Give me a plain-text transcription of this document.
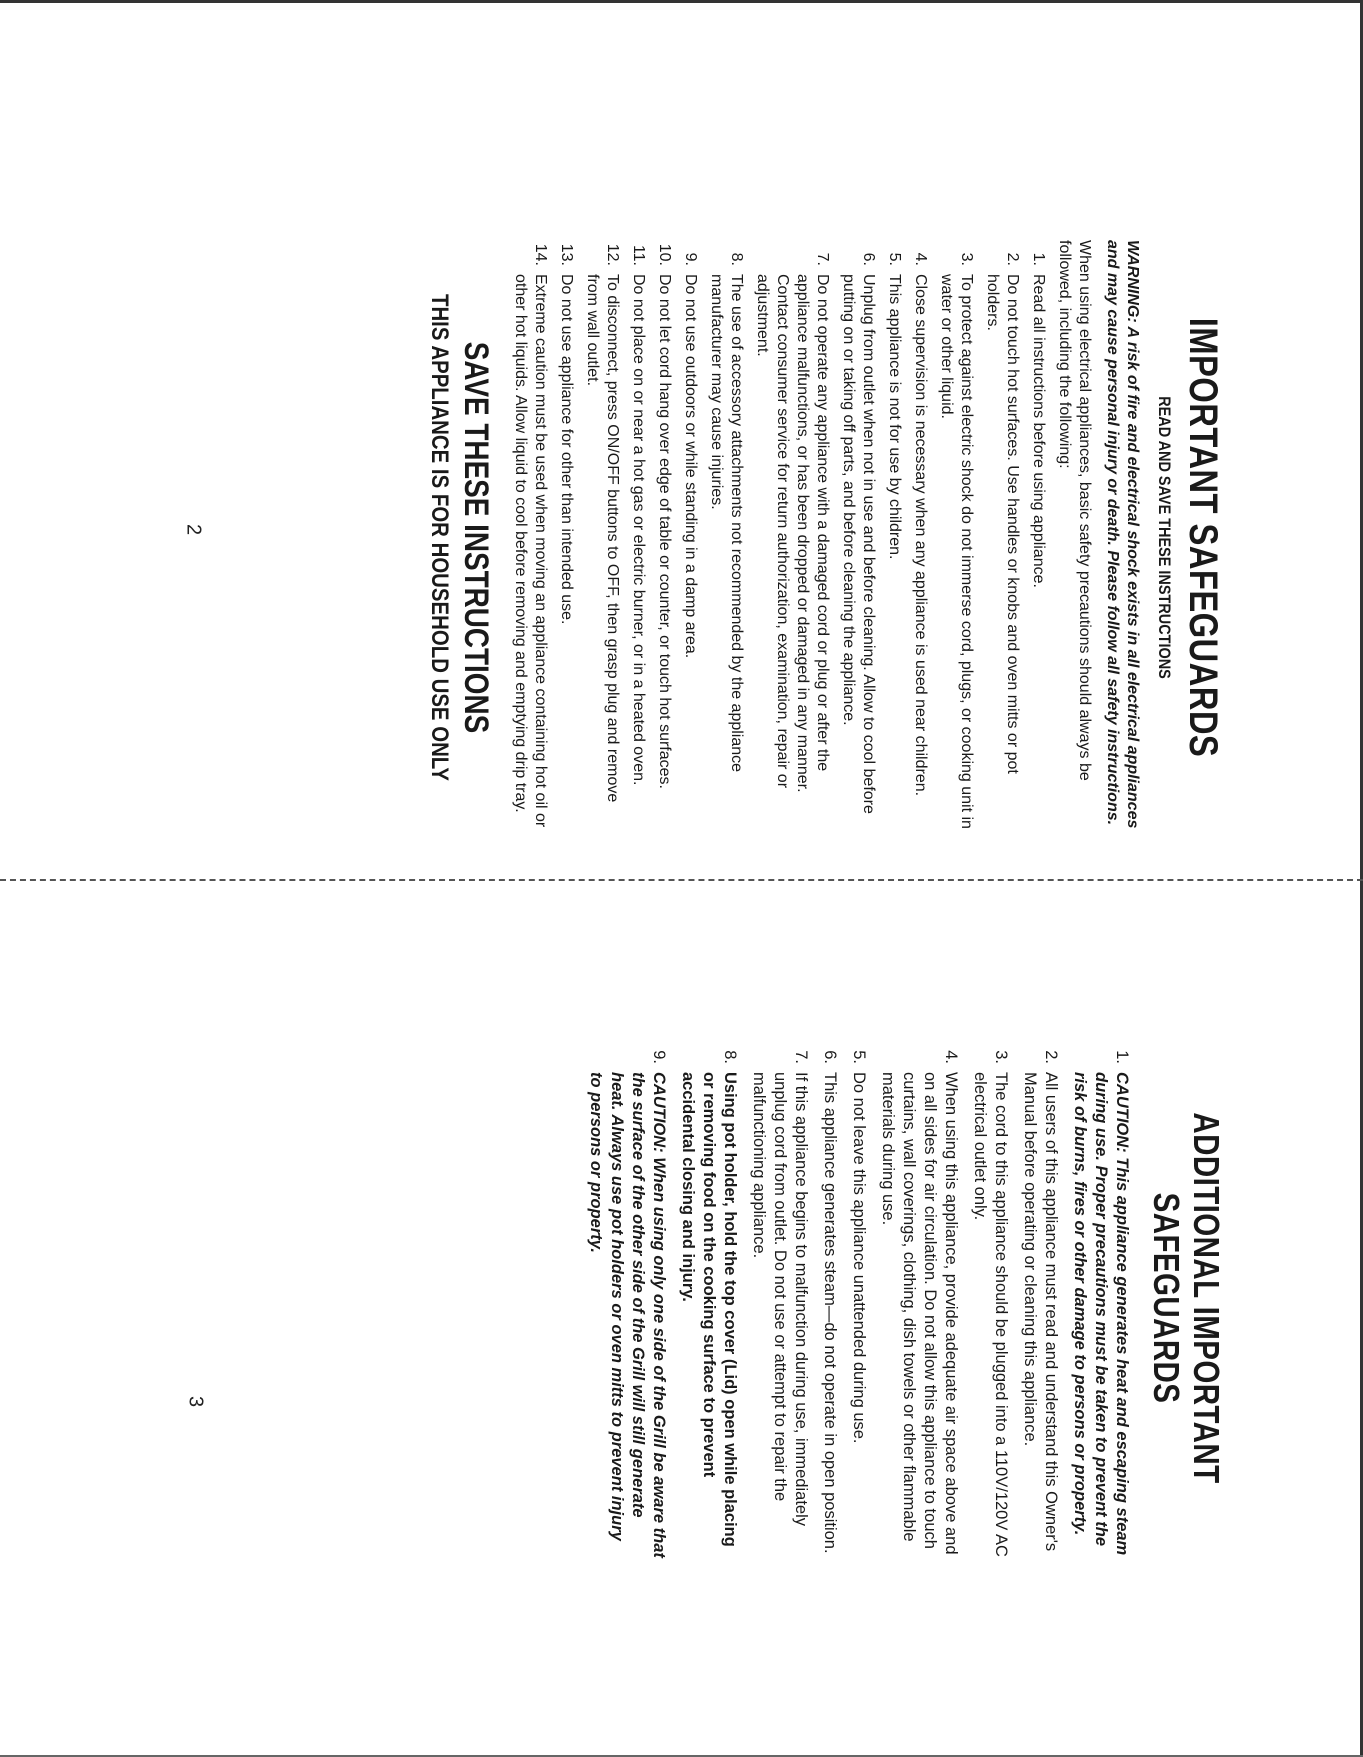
IMPORTANT SAFEGUARDS
READ AND SAVE THESE INSTRUCTIONS

WARNING: A risk of fire and electrical shock exists in all electrical appliances and may cause personal injury or death. Please follow all safety instructions.

When using electrical appliances, basic safety precautions should always be followed, including the following:

1.
Read all instructions before using appliance.
2.
Do not touch hot surfaces. Use handles or knobs and oven mitts or pot holders.
3.
To protect against electric shock do not immerse cord, plugs, or cooking unit in water or other liquid.
4.
Close supervision is necessary when any appliance is used near children.
5.
This appliance is not for use by children.
6.
Unplug from outlet when not in use and before cleaning. Allow to cool before putting on or taking off parts, and before cleaning the appliance.
7.
Do not operate any appliance with a damaged cord or plug or after the appliance malfunctions, or has been dropped or damaged in any manner. Contact consumer service for return authorization, examination, repair or adjustment.
8.
The use of accessory attachments not recommended by the appliance manufacturer may cause injuries.
9.
Do not use outdoors or while standing in a damp area.
10.
Do not let cord hang over edge of table or counter, or touch hot surfaces.
11.
Do not place on or near a hot gas or electric burner, or in a heated oven.
12.
To disconnect, press ON/OFF buttons to OFF, then grasp plug and remove from wall outlet.
13.
Do not use appliance for other than intended use.
14.
Extreme caution must be used when moving an appliance containing hot oil or other hot liquids. Allow liquid to cool before removing and emptying drip tray.
SAVE THESE INSTRUCTIONS
THIS APPLIANCE IS FOR HOUSEHOLD USE ONLY
ADDITIONAL IMPORTANT
SAFEGUARDS
1.
CAUTION: This appliance generates heat and escaping steam during use. Proper precautions must be taken to prevent the risk of burns, fires or other damage to persons or property.
2.
All users of this appliance must read and understand this Owner's Manual before operating or cleaning this appliance.
3.
The cord to this appliance should be plugged into a 110V/120V AC electrical outlet only.
4.
When using this appliance, provide adequate air space above and on all sides for air circulation. Do not allow this appliance to touch curtains, wall coverings, clothing, dish towels or other flammable materials during use.
5.
Do not leave this appliance unattended during use.
6.
This appliance generates steam—do not operate in open position.
7.
If this appliance begins to malfunction during use, immediately unplug cord from outlet. Do not use or attempt to repair the malfunctioning appliance.
8.
Using pot holder, hold the top cover (Lid) open while placing or removing food on the cooking surface to prevent accidental closing and injury.
9.
CAUTION: When using only one side of the Grill be aware that the surface of the other side of the Grill will still generate heat. Always use pot holders or oven mitts to prevent injury to persons or property.
2
3
